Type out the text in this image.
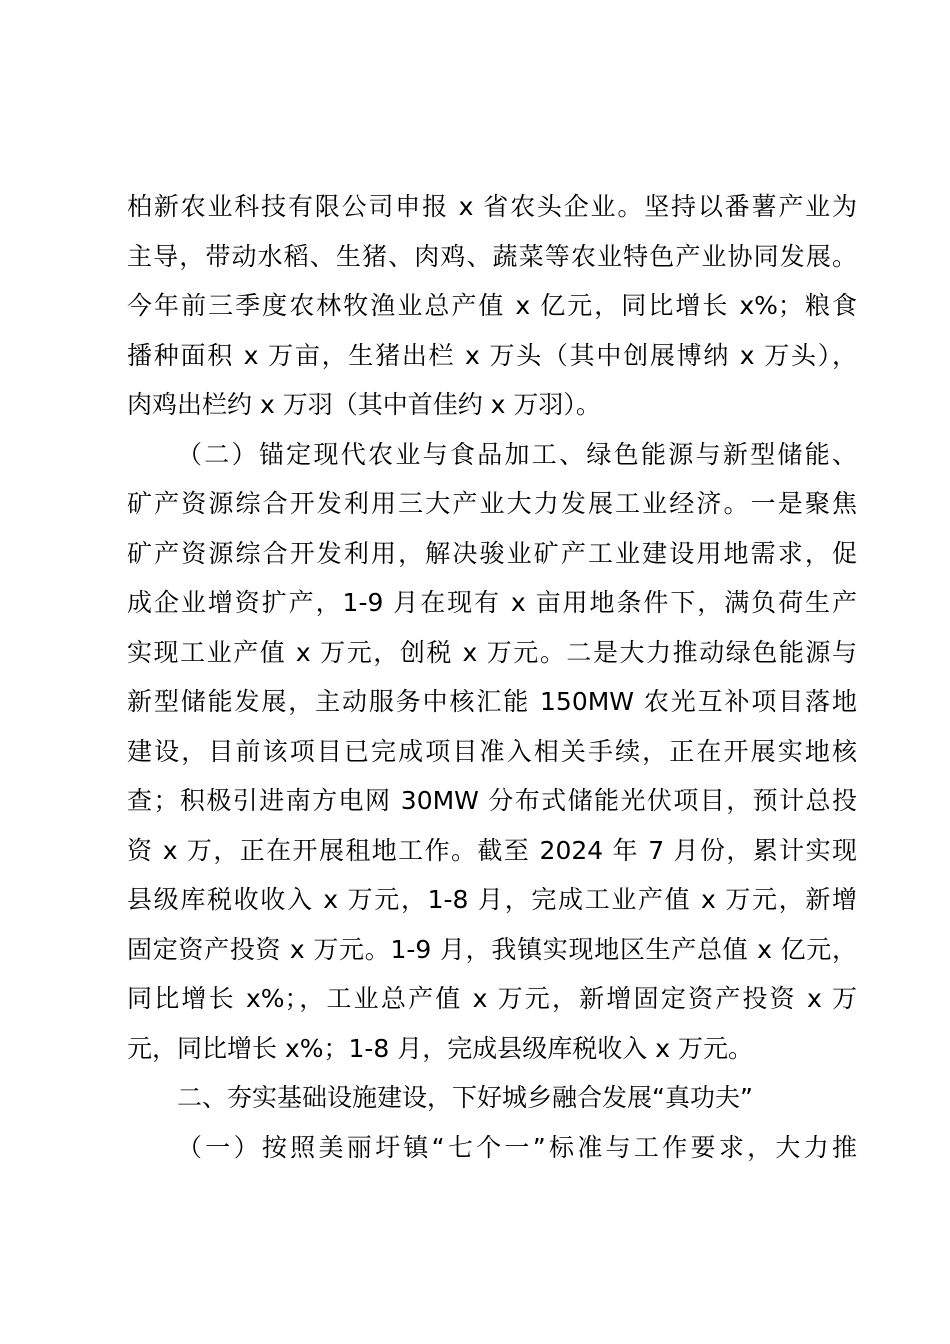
柏新农业科技有限公司申报 x 省农头企业。坚持以番薯产业为
主导，带动水稻、生猪、肉鸡、蔬菜等农业特色产业协同发展。
今年前三季度农林牧渔业总产值 x 亿元，同比增长 x%；粮食
播种面积 x 万亩，生猪出栏 x 万头（其中创展博纳 x 万头），
肉鸡出栏约 x 万羽（其中首佳约 x 万羽）。
（二）锚定现代农业与食品加工、绿色能源与新型储能、
矿产资源综合开发利用三大产业大力发展工业经济。一是聚焦
矿产资源综合开发利用，解决骏业矿产工业建设用地需求，促
成企业增资扩产，1-9 月在现有 x 亩用地条件下，满负荷生产
实现工业产值 x 万元，创税 x 万元。二是大力推动绿色能源与
新型储能发展，主动服务中核汇能 150MW 农光互补项目落地
建设，目前该项目已完成项目准入相关手续，正在开展实地核
查；积极引进南方电网 30MW 分布式储能光伏项目，预计总投
资 x 万，正在开展租地工作。截至 2024 年 7 月份，累计实现
县级库税收收入 x 万元，1-8 月，完成工业产值 x 万元，新增
固定资产投资 x 万元。1-9 月，我镇实现地区生产总值 x 亿元，
同比增长 x%；，工业总产值 x 万元，新增固定资产投资 x 万
元，同比增长 x%；1-8 月，完成县级库税收入 x 万元。
二、夯实基础设施建设，下好城乡融合发展“真功夫”
（一）按照美丽圩镇“七个一”标准与工作要求，大力推
